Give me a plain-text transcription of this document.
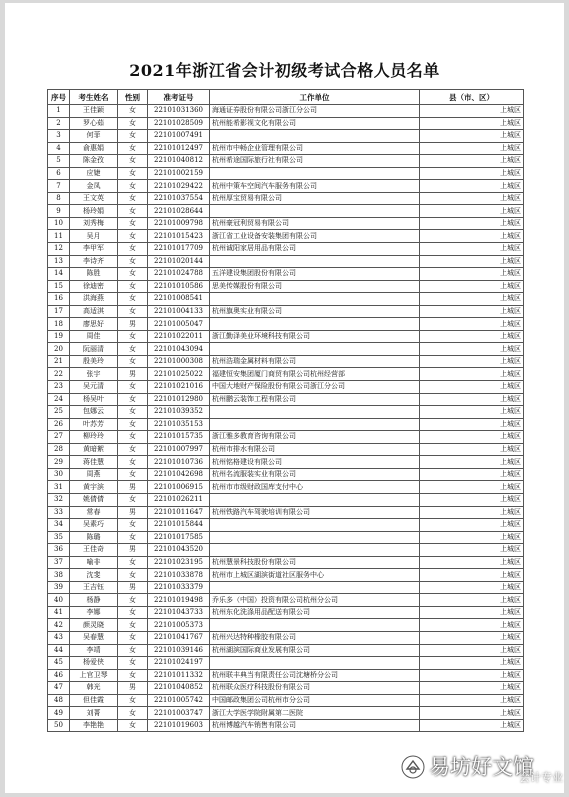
2021年浙江省会计初级考试合格人员名单
序号	考生姓名	性别	准考证号	工作单位	县（市、区）
1	王佳颖	女	22101031360	海通证券股份有限公司浙江分公司	上城区
2	罗心茹	女	22101028509	杭州能希影视文化有限公司	上城区
3	何菲	女	22101007491		上城区
4	俞惠娟	女	22101012497	杭州市中畅企业管理有限公司	上城区
5	陈金孜	女	22101040812	杭州希途国际旅行社有限公司	上城区
6	应婕	女	22101002159		上城区
7	金凤	女	22101029422	杭州中策车空间汽车服务有限公司	上城区
8	王文英	女	22101037554	杭州厚宝贸易有限公司	上城区
9	杨玲娟	女	22101028644		上城区
10	刘秀梅	女	22101009798	杭州豪冠利贸易有限公司	上城区
11	吴月	女	22101015423	浙江省工业设备安装集团有限公司	上城区
12	李甲军	女	22101017709	杭州诚阳家居用品有限公司	上城区
13	李诗齐	女	22101020144		上城区
14	陈胜	女	22101024788	五洋建设集团股份有限公司	上城区
15	徐迪密	女	22101010586	思美传媒股份有限公司	上城区
16	洪海燕	女	22101008541		上城区
17	高适淇	女	22101004133	杭州旗奥实业有限公司	上城区
18	廖思好	男	22101005047		上城区
19	周佳	女	22101022011	浙江勤泽美业环境科技有限公司	上城区
20	阮丽清	女	22101043094		上城区
21	殷美玲	女	22101000308	杭州浩瑞金属材料有限公司	上城区
22	张宇	男	22101025022	福建恒安集团厦门商贸有限公司杭州经营部	上城区
23	吴元清	女	22101021016	中国大地财产保险股份有限公司浙江分公司	上城区
24	杨吴叶	女	22101012980	杭州鹏云装饰工程有限公司	上城区
25	包娜云	女	22101039352		上城区
26	叶苏芳	女	22101035153		上城区
27	柳玲玲	女	22101015735	浙江雅多教育咨询有限公司	上城区
28	黄暗絮	女	22101007997	杭州市排水有限公司	上城区
29	蒋佳慧	女	22101010736	杭州铭格建设有限公司	上城区
30	周燕	女	22101042698	杭州名流服装实业有限公司	上城区
31	黄宇滨	男	22101006915	杭州市市级财政国库支付中心	上城区
32	姚倩倩	女	22101026211		上城区
33	常春	男	22101011647	杭州铁路汽车驾驶培训有限公司	上城区
34	吴素巧	女	22101015844		上城区
35	陈璐	女	22101017585		上城区
36	王佳奇	男	22101043520		上城区
37	喻非	女	22101023195	杭州慧景科技股份有限公司	上城区
38	沈斐	女	22101033878	杭州市上城区湖滨街道社区服务中心	上城区
39	王吉钰	男	22101033379		上城区
40	杨静	女	22101019498	乔乐多（中国）投资有限公司杭州分公司	上城区
41	李娜	女	22101043733	杭州东化洗涤用品配送有限公司	上城区
42	颜灵晓	女	22101005373		上城区
43	吴春慧	女	22101041767	杭州兴达特种橡胶有限公司	上城区
44	李靖	女	22101039146	杭州湖滨国际商业发展有限公司	上城区
45	杨爱侠	女	22101024197		上城区
46	上官卫琴	女	22101011332	杭州联丰典当有限责任公司沈塘桥分公司	上城区
47	韩光	男	22101040852	杭州联众医疗科技股份有限公司	上城区
48	但佳霞	女	22101005742	中国邮政集团公司杭州市分公司	上城区
49	刘菁	女	22101003747	浙江大学医学院附属第二医院	上城区
50	李艳艳	女	22101019603	杭州博越汽车销售有限公司	上城区
易坊好文馆
会计专业
